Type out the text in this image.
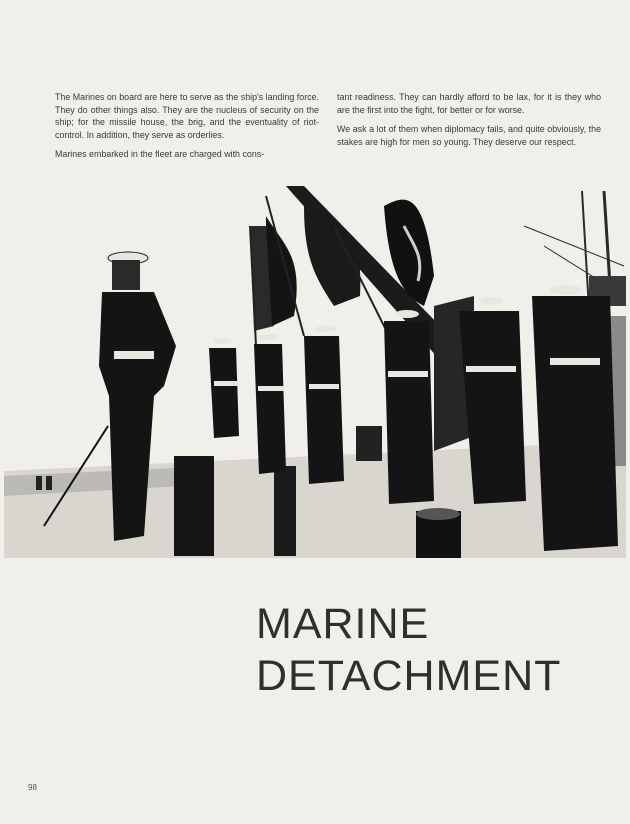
The Marines on board are here to serve as the ship's landing force. They do other things also. They are the nucleus of security on the ship; for the missile house, the brig, and the eventuality of riot-control. In addition, they serve as orderlies.

Marines embarked in the fleet are charged with cons-

tant readiness. They can hardly afford to be lax, for it is they who are the first into the fight, for better or for worse.

We ask a lot of them when diplomacy fails, and quite obviously, the stakes are high for men so young. They deserve our respect.

MARINE
DETACHMENT
98
